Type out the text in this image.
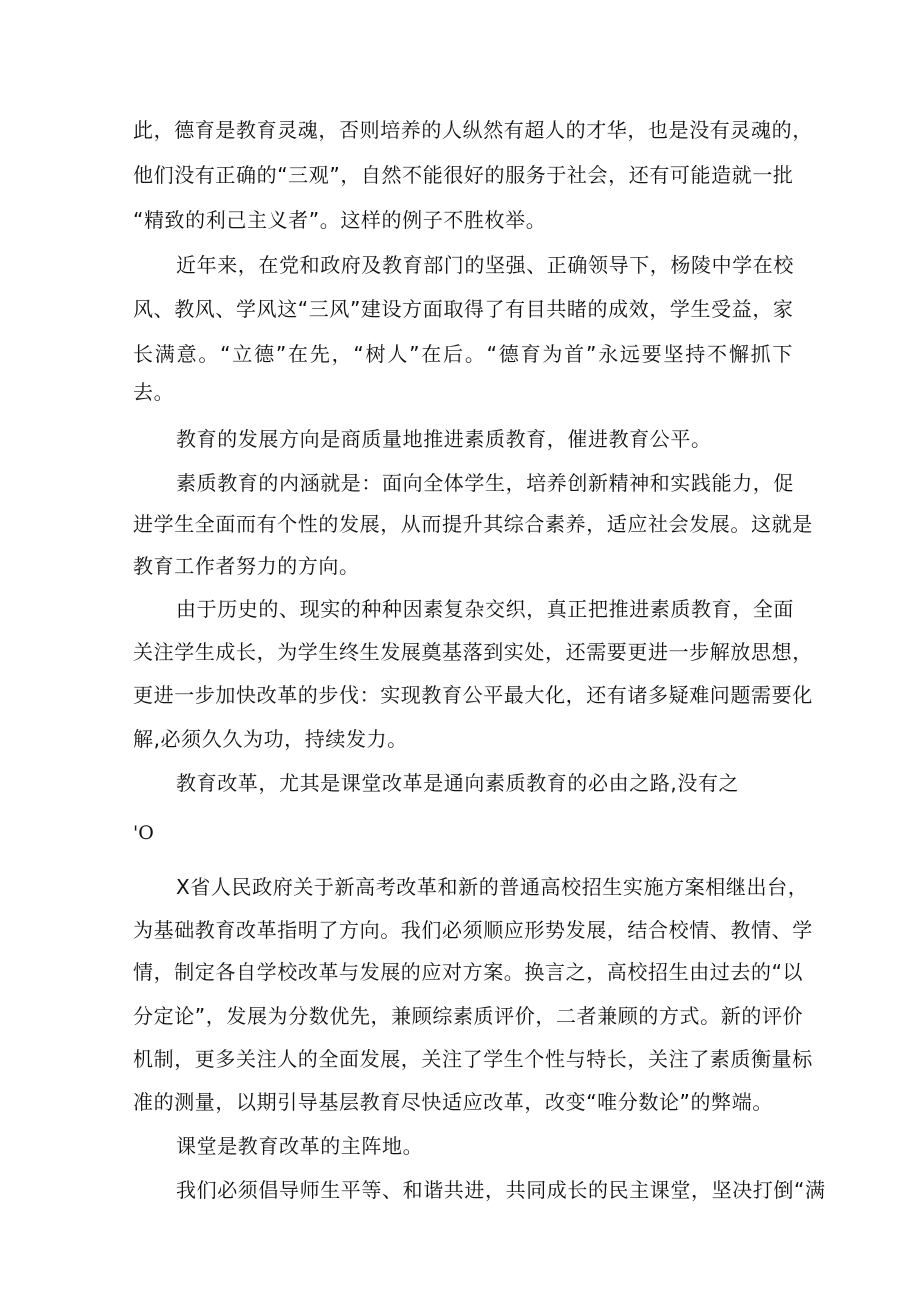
此，德育是教育灵魂，否则培养的人纵然有超人的才华，也是没有灵魂的，
他们没有正确的“三观”，自然不能很好的服务于社会，还有可能造就一批
“精致的利己主义者”。这样的例子不胜枚举。
近年来，在党和政府及教育部门的坚强、正确领导下，杨陵中学在校
风、教风、学风这“三风”建设方面取得了有目共睹的成效，学生受益，家
长满意。“立德”在先，“树人”在后。“德育为首”永远要坚持不懈抓下
去。
教育的发展方向是商质量地推进素质教育，催进教育公平。
素质教育的内涵就是：面向全体学生，培养创新精神和实践能力，促
进学生全面而有个性的发展，从而提升其综合素养，适应社会发展。这就是
教育工作者努力的方向。
由于历史的、现实的种种因素复杂交织，真正把推进素质教育，全面
关注学生成长，为学生终生发展奠基落到实处，还需要更进一步解放思想，
更进一步加快改革的步伐：实现教育公平最大化，还有诸多疑难问题需要化
解,必须久久为功，持续发力。
教育改革，尤其是课堂改革是通向素质教育的必由之路,没有之
'O
X省人民政府关于新高考改革和新的普通高校招生实施方案相继出台，
为基础教育改革指明了方向。我们必须顺应形势发展，结合校情、教情、学
情，制定各自学校改革与发展的应对方案。换言之，高校招生由过去的“以
分定论”，发展为分数优先，兼顾综素质评价，二者兼顾的方式。新的评价
机制，更多关注人的全面发展，关注了学生个性与特长，关注了素质衡量标
准的测量，以期引导基层教育尽快适应改革，改变“唯分数论”的弊端。
课堂是教育改革的主阵地。
我们必须倡导师生平等、和谐共进，共同成长的民主课堂，坚决打倒“满
